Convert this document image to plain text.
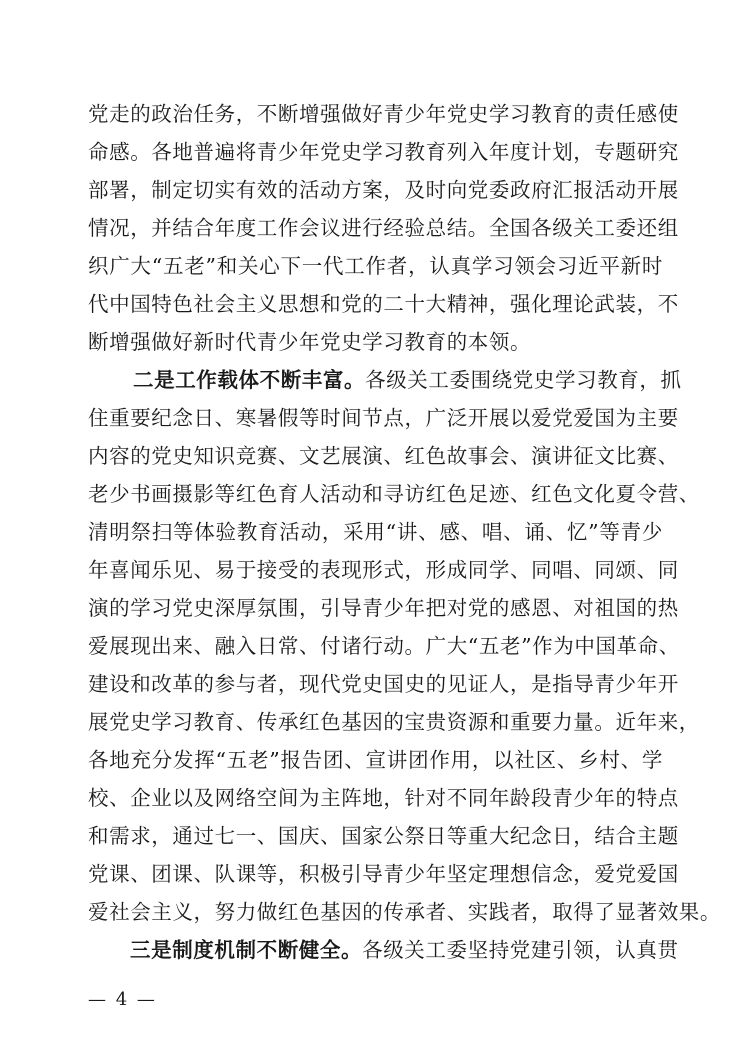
党走的政治任务，不断增强做好青少年党史学习教育的责任感使
命感。各地普遍将青少年党史学习教育列入年度计划，专题研究
部署，制定切实有效的活动方案，及时向党委政府汇报活动开展
情况，并结合年度工作会议进行经验总结。全国各级关工委还组
织广大“五老”和关心下一代工作者，认真学习领会习近平新时
代中国特色社会主义思想和党的二十大精神，强化理论武装，不
断增强做好新时代青少年党史学习教育的本领。
二是工作载体不断丰富。各级关工委围绕党史学习教育，抓
住重要纪念日、寒暑假等时间节点，广泛开展以爱党爱国为主要
内容的党史知识竞赛、文艺展演、红色故事会、演讲征文比赛、
老少书画摄影等红色育人活动和寻访红色足迹、红色文化夏令营、
清明祭扫等体验教育活动，采用“讲、感、唱、诵、忆”等青少
年喜闻乐见、易于接受的表现形式，形成同学、同唱、同颂、同
演的学习党史深厚氛围，引导青少年把对党的感恩、对祖国的热
爱展现出来、融入日常、付诸行动。广大“五老”作为中国革命、
建设和改革的参与者，现代党史国史的见证人，是指导青少年开
展党史学习教育、传承红色基因的宝贵资源和重要力量。近年来，
各地充分发挥“五老”报告团、宣讲团作用，以社区、乡村、学
校、企业以及网络空间为主阵地，针对不同年龄段青少年的特点
和需求，通过七一、国庆、国家公祭日等重大纪念日，结合主题
党课、团课、队课等，积极引导青少年坚定理想信念，爱党爱国
爱社会主义，努力做红色基因的传承者、实践者，取得了显著效果。
三是制度机制不断健全。各级关工委坚持党建引领，认真贯
— 4 —
